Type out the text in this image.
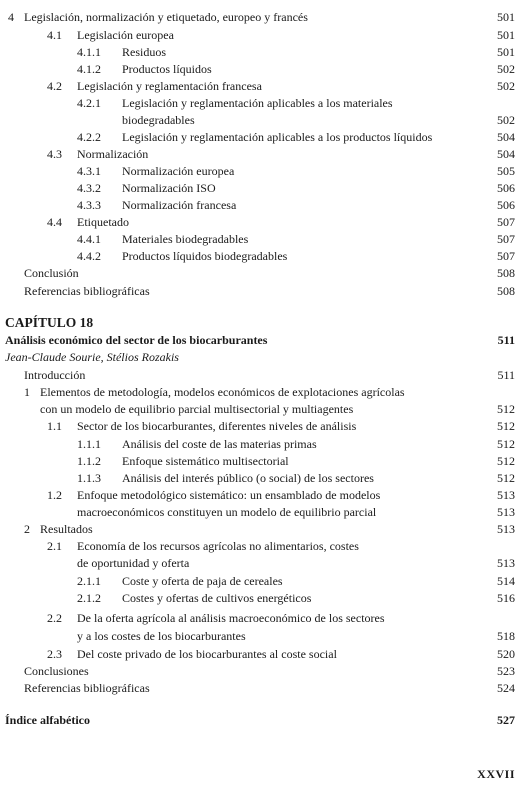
4 Legislación, normalización y etiquetado, europeo y francés	501
4.1 Legislación europea	501
4.1.1 Residuos	501
4.1.2 Productos líquidos	502
4.2 Legislación y reglamentación francesa	502
4.2.1 Legislación y reglamentación aplicables a los materiales
biodegradables	502
4.2.2 Legislación y reglamentación aplicables a los productos líquidos	504
4.3 Normalización	504
4.3.1 Normalización europea	505
4.3.2 Normalización ISO	506
4.3.3 Normalización francesa	506
4.4 Etiquetado	507
4.4.1 Materiales biodegradables	507
4.4.2 Productos líquidos biodegradables	507
Conclusión	508
Referencias bibliográficas	508
CAPÍTULO 18
Análisis económico del sector de los biocarburantes	511
Jean-Claude Sourie, Stélios Rozakis
Introducción	511
1 Elementos de metodología, modelos económicos de explotaciones agrícolas
con un modelo de equilibrio parcial multisectorial y multiagentes	512
1.1 Sector de los biocarburantes, diferentes niveles de análisis	512
1.1.1 Análisis del coste de las materias primas	512
1.1.2 Enfoque sistemático multisectorial	512
1.1.3 Análisis del interés público (o social) de los sectores	512
1.2 Enfoque metodológico sistemático: un ensamblado de modelos	513
macroeconómicos constituyen un modelo de equilibrio parcial	513
2 Resultados	513
2.1 Economía de los recursos agrícolas no alimentarios, costes
de oportunidad y oferta	513
2.1.1 Coste y oferta de paja de cereales	514
2.1.2 Costes y ofertas de cultivos energéticos	516
2.2 De la oferta agrícola al análisis macroeconómico de los sectores
y a los costes de los biocarburantes	518
2.3 Del coste privado de los biocarburantes al coste social	520
Conclusiones	523
Referencias bibliográficas	524
Índice alfabético	527
XXVII
